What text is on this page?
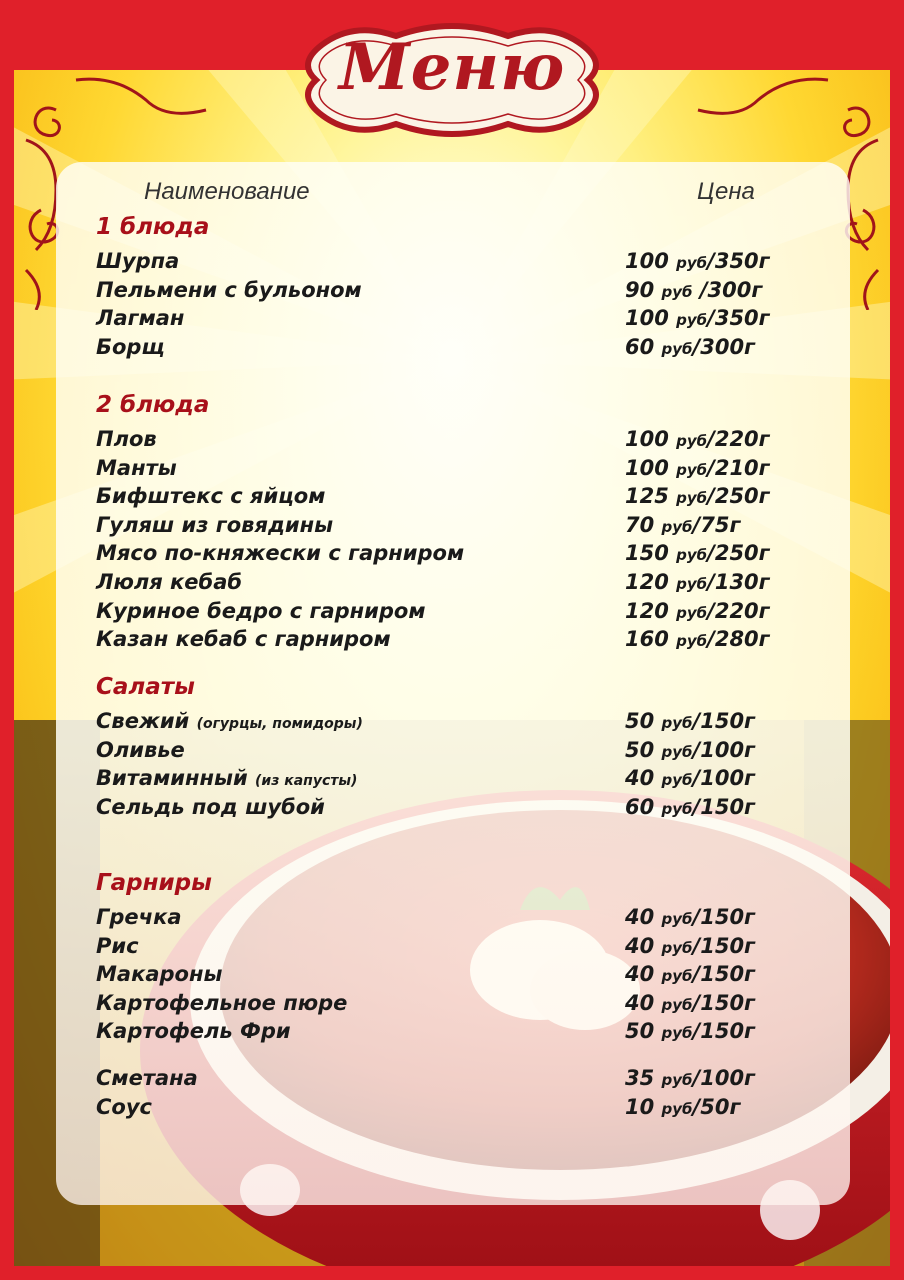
Меню
Наименование	Цена
1 блюда
Шурпа	100 руб/350г
Пельмени с бульоном	90 руб /300г
Лагман	100 руб/350г
Борщ	60 руб/300г
2 блюда
Плов	100 руб/220г
Манты	100 руб/210г
Бифштекс с яйцом	125 руб/250г
Гуляш из говядины	70 руб/75г
Мясо по-княжески с гарниром	150 руб/250г
Люля кебаб	120 руб/130г
Куриное бедро с гарниром	120 руб/220г
Казан кебаб с гарниром	160 руб/280г
Салаты
Свежий (огурцы, помидоры)	50 руб/150г
Оливье	50 руб/100г
Витаминный (из капусты)	40 руб/100г
Сельдь под шубой	60 руб/150г
Гарниры
Гречка	40 руб/150г
Рис	40 руб/150г
Макароны	40 руб/150г
Картофельное пюре	40 руб/150г
Картофель Фри	50 руб/150г
Сметана	35 руб/100г
Соус	10 руб/50г
